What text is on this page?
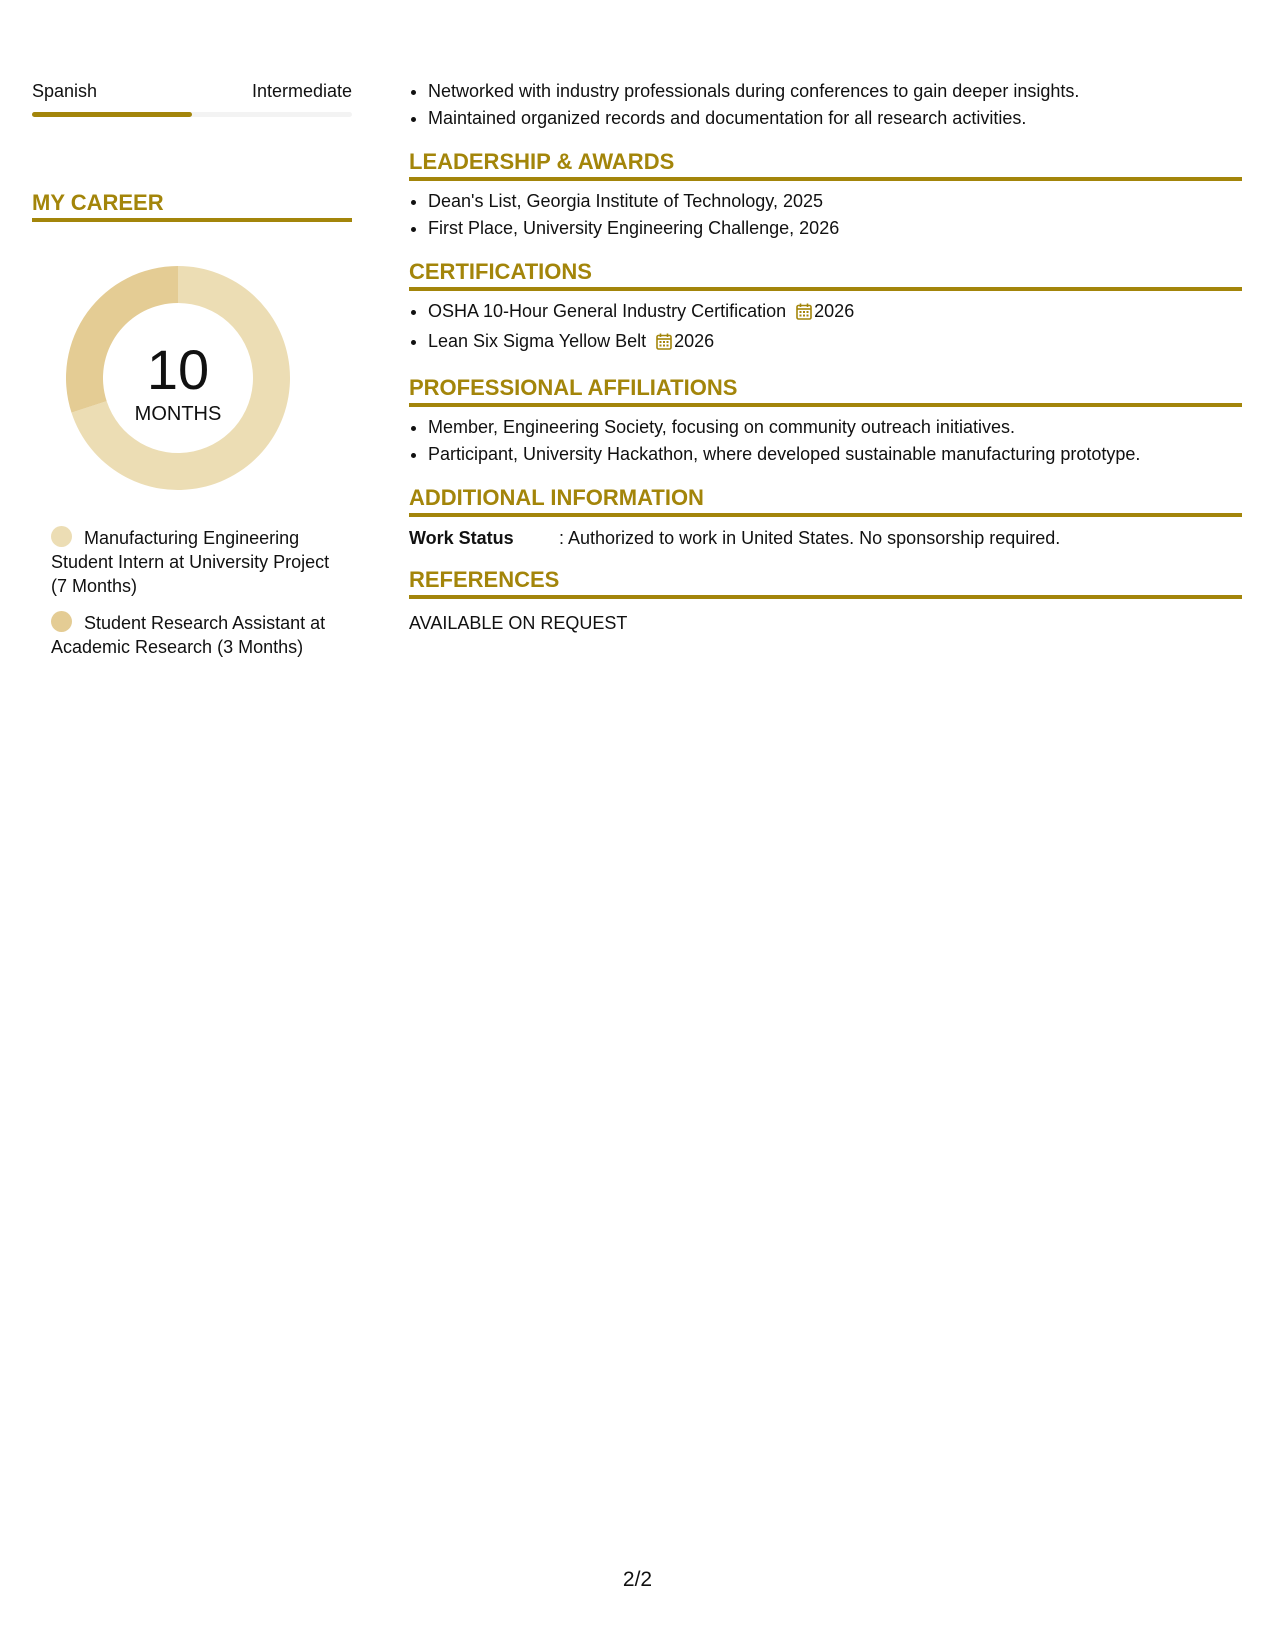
Spanish	Intermediate
MY CAREER
10
MONTHS
Manufacturing Engineering Student Intern at University Project (7 Months)
Student Research Assistant at Academic Research (3 Months)
• Networked with industry professionals during conferences to gain deeper insights.
• Maintained organized records and documentation for all research activities.
LEADERSHIP & AWARDS
• Dean's List, Georgia Institute of Technology, 2025
• First Place, University Engineering Challenge, 2026
CERTIFICATIONS
• OSHA 10-Hour General Industry Certification 2026
• Lean Six Sigma Yellow Belt 2026
PROFESSIONAL AFFILIATIONS
• Member, Engineering Society, focusing on community outreach initiatives.
• Participant, University Hackathon, where developed sustainable manufacturing prototype.
ADDITIONAL INFORMATION
Work Status	: Authorized to work in United States. No sponsorship required.
REFERENCES
AVAILABLE ON REQUEST
2/2
